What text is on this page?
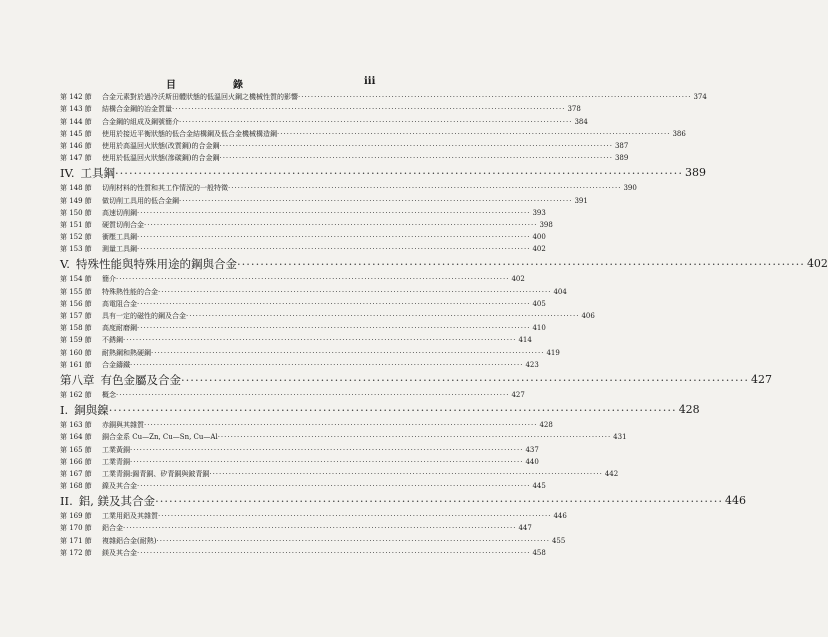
目	錄	iii
第 142 節	合金元素對於過冷沃斯田體狀態的低溫回火鋼之機械性質的影響 ·····	374
第 143 節	結構合金鋼的冶金質量 ·····	378
第 144 節	合金鋼的組成及鋼號簡介 ·····	384
第 145 節	使用於接近平衡狀態的低合金結構鋼及低合金機械構造鋼 ·····	386
第 146 節	使用於高溫回火狀態(改質鋼)的合金鋼 ·····	387
第 147 節	使用於低溫回火狀態(滲碳鋼)的合金鋼 ·····	389
IV. 工具鋼 ·····	389
第 148 節	切削材料的性質和其工作情況的一般特徵 ·····	390
第 149 節	做切削工具用的低合金鋼 ·····	391
第 150 節	高速切削鋼 ·····	393
第 151 節	硬質切削合金 ·····	398
第 152 節	衝壓工具鋼 ·····	400
第 153 節	測量工具鋼 ·····	402
V. 特殊性能與特殊用途的鋼與合金 ·····	402
第 154 節	簡介 ·····	402
第 155 節	特殊熱性能的合金 ·····	404
第 156 節	高電阻合金 ·····	405
第 157 節	具有一定的磁性的鋼及合金 ·····	406
第 158 節	高度耐磨鋼 ·····	410
第 159 節	不銹鋼 ·····	414
第 160 節	耐熱鋼和熱硬鋼 ·····	419
第 161 節	合金鑄鐵 ·····	423
第八章 有色金屬及合金 ·····	427
第 162 節	概念 ·····	427
I. 銅與鎳 ·····	428
第 163 節	赤銅與其雜質 ·····	428
第 164 節	銅合金系 Cu—Zn, Cu—Sn, Cu—Al ·····	431
第 165 節	工業黃銅 ·····	437
第 166 節	工業青銅 ·····	440
第 167 節	工業青銅:錫青銅、矽青銅與鈹青銅 ·····	442
第 168 節	鎳及其合金 ·····	445
II. 鋁, 鎂及其合金 ·····	446
第 169 節	工業用鋁及其雜質 ·····	446
第 170 節	鋁合金 ·····	447
第 171 節	複雜鋁合金(耐熱) ·····	455
第 172 節	鎂及其合金 ·····	458
